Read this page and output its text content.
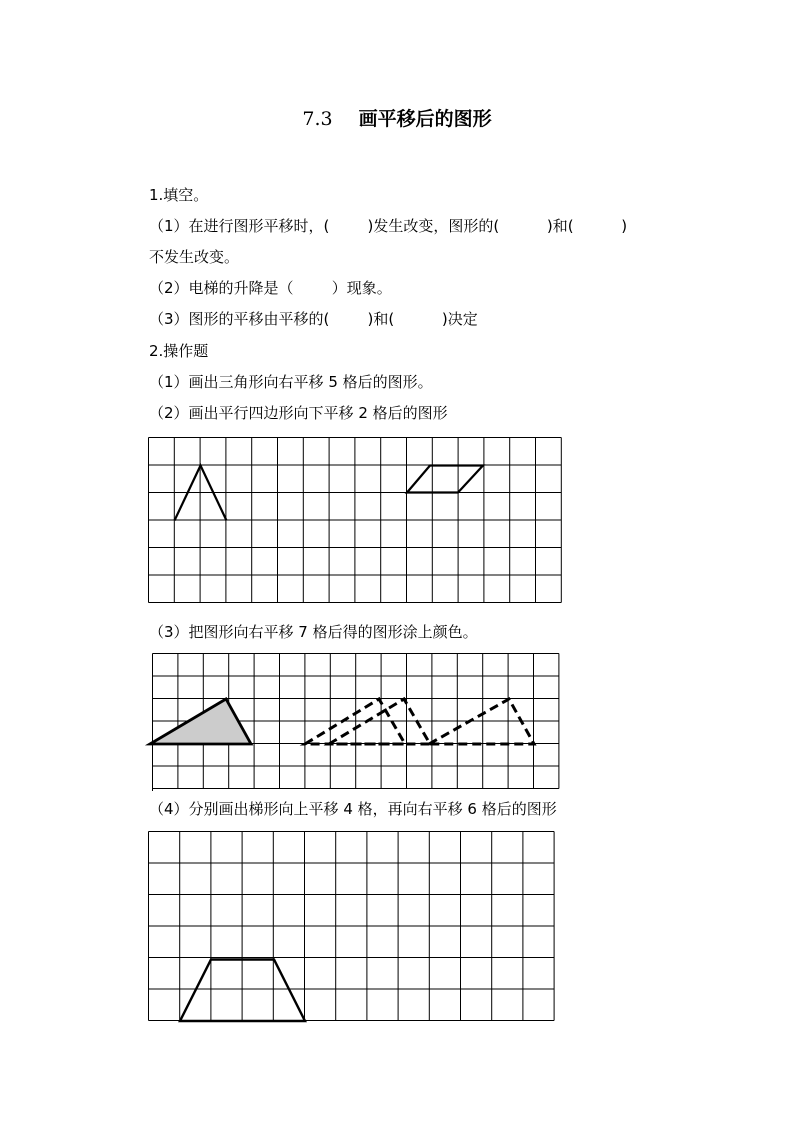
7.3 画平移后的图形
1.填空。
（1）在进行图形平移时，(        )发生改变，图形的(          )和(          )
不发生改变。
（2）电梯的升降是（        ）现象。
（3）图形的平移由平移的(        )和(          )决定
2.操作题
（1）画出三角形向右平移 5 格后的图形。
（2）画出平行四边形向下平移 2 格后的图形
（3）把图形向右平移 7 格后得的图形涂上颜色。
（4）分别画出梯形向上平移 4 格，再向右平移 6 格后的图形
